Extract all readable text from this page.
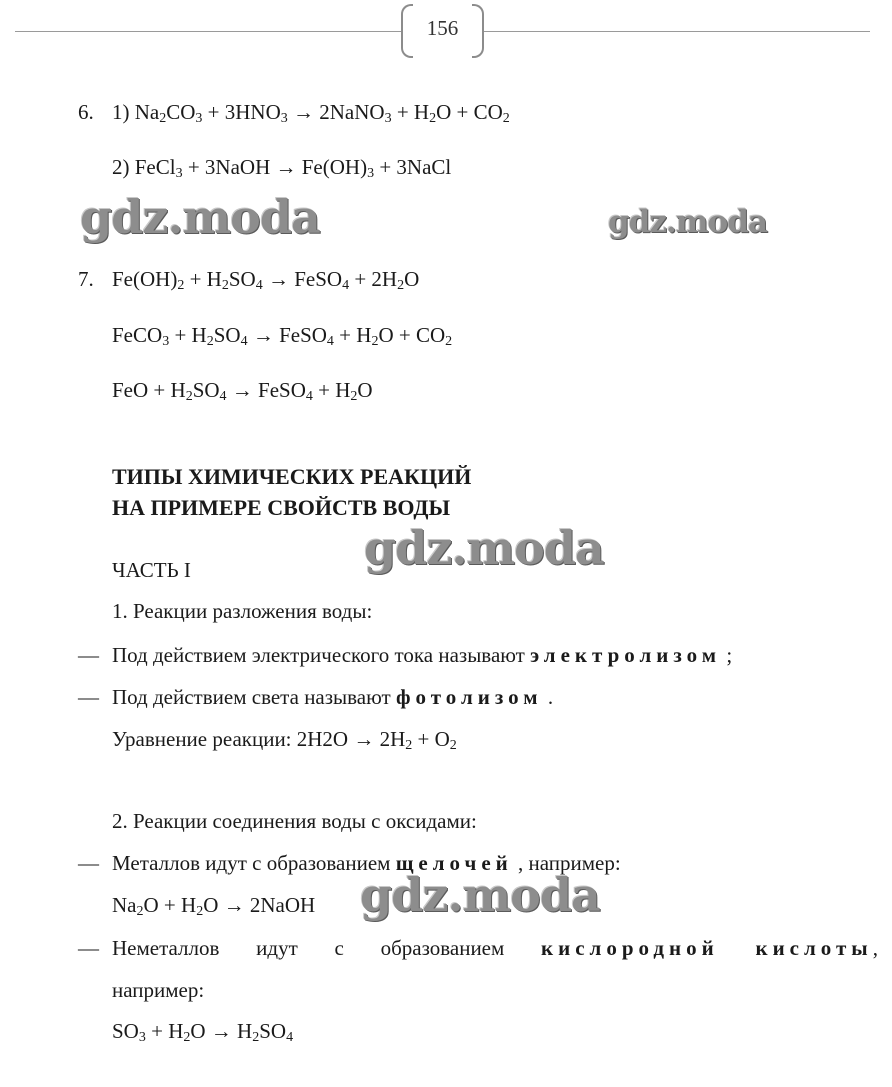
156
6. 1) $Na_2CO_3 + 3HNO_3$ → 2NaNO$_3$ + $H_2O + CO_2$
2) FeCl$_3$ + 3NaOH → $Fe(OH)_3$ + 3NaCl
gdz.moda	gdz.moda
7. $Fe(OH)_2 + H_2SO_4$ → FeSO$_4$ + $2H_2O$
FeCO$_3$ + $H_2SO_4$ → FeSO$_4$ + $H_2O + CO_2$
FeO + $H_2SO_4$ → FeSO$_4$ + $H_2O$
ТИПЫ ХИМИЧЕСКИХ РЕАКЦИЙ
НА ПРИМЕРЕ СВОЙСТВ ВОДЫ
ЧАСТЬ I	gdz.moda
1. Реакции разложения воды:
— Под действием электрического тока называют электролизом ;
— Под действием света называют фотолизом .
Уравнение реакции: $2H2O \to 2H_2 + O_2$
2. Реакции соединения воды с оксидами:
— Металлов идут с образованием щелочей , например:
$Na_2O + H_2O$ → 2NaOH gdz.moda
— Неметаллов идут с образованием кислородной кислоты,
например:
$SO_3 + H_2O \to H_2SO_4$
